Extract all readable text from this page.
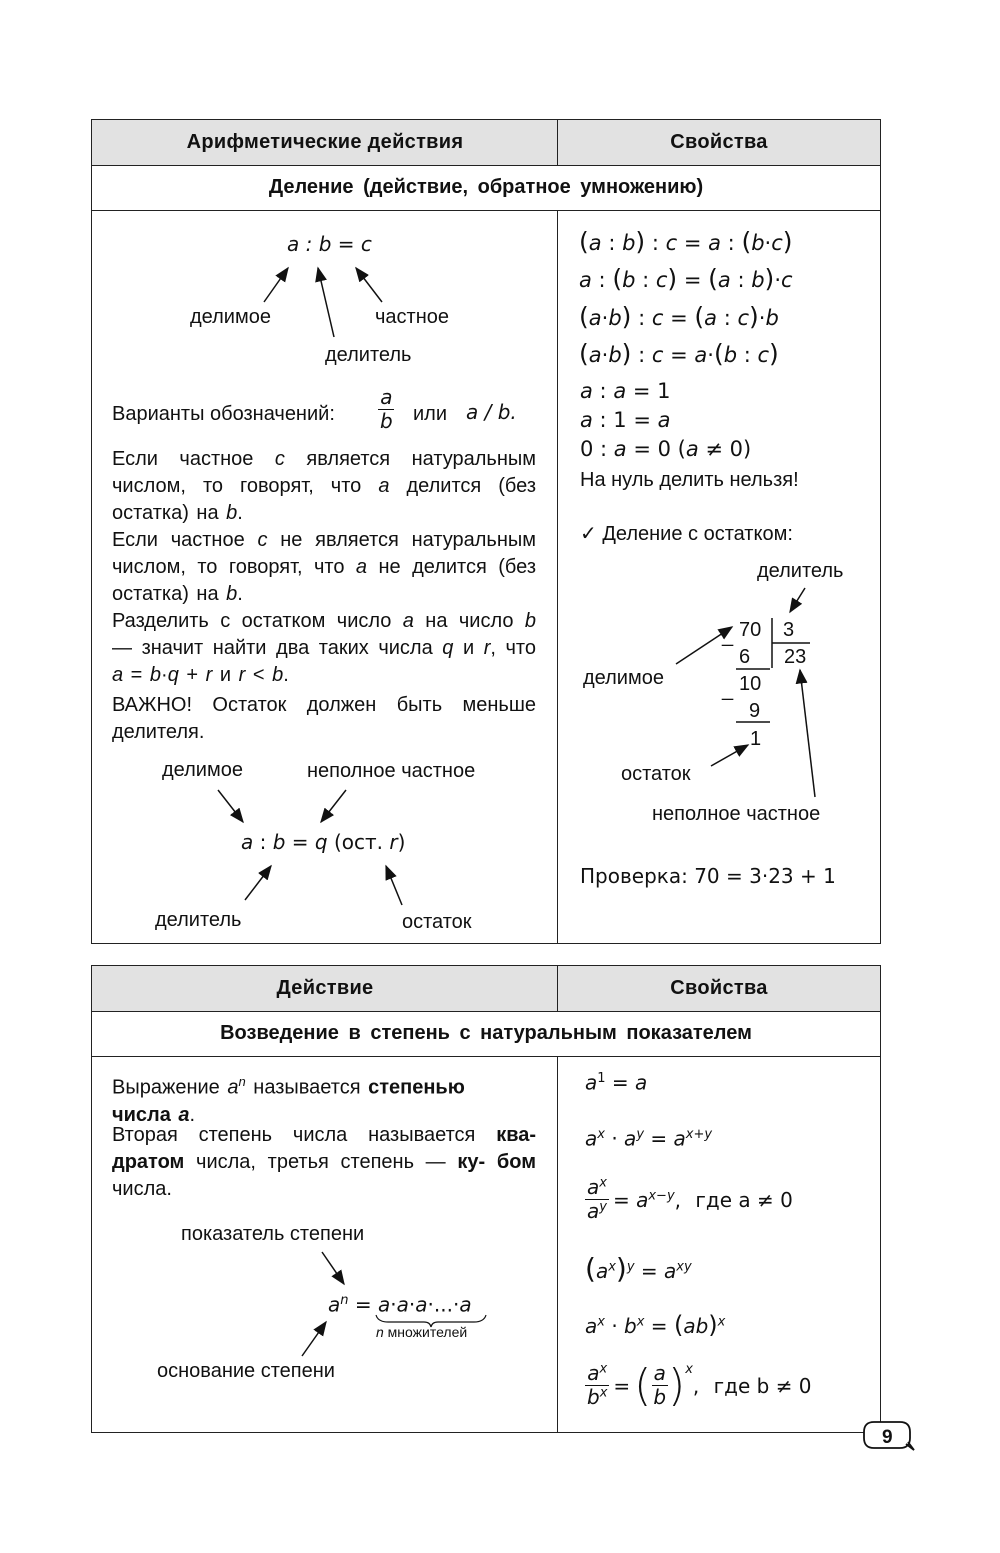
Арифметические действия	Свойства
Деление (действие, обратное умножению)
a : b = c
делимое	частное
делитель
Варианты обозначений: $\frac{a}{b}$ или a / b.
Если частное c является натуральным числом, то говорят, что a делится (без остатка) на b.
Если частное c не является натуральным числом, то говорят, что a не делится (без остатка) на b.
Разделить с остатком число a на число b — значит найти два таких числа q и r, что a = b·q + r и r < b.
ВАЖНО! Остаток должен быть меньше делителя.
делимое	неполное частное
a : b = q (ост. r)
делитель	остаток
(a : b) : c = a : (b·c)
a : (b : c) = (a : b)·c
(a·b) : c = (a : c)·b
(a·b) : c = a·(b : c)
a : a = 1
a : 1 = a
0 : a = 0 (a ≠ 0)
На нуль делить нельзя!
✓ Деление с остатком:
делитель
делимое
остаток
неполное частное
_ 70 3
6 23
_ 10
9
1
Проверка: 70 = 3·23 + 1
Действие	Свойства
Возведение в степень с натуральным показателем
Выражение $a^n$ называется степенью
числа a.
Вторая степень числа называется ква- дратом числа, третья степень — ку- бом числа.
показатель степени
$a^n = a\cdot a\cdot a\cdot...\cdot a$
n множителей
основание степени
$a^1 = a$
$a^x \cdot a^y = a^{x+y}$
$\frac{a^x}{a^y} = a^{x-y}$, где a ≠ 0
$(a^x)^y = a^{xy}$
$a^x \cdot b^x = (ab)^x$
$\frac{a^x}{b^x}$ = ( $\frac{a}{b} )^x$
, где b ≠ 0
9
